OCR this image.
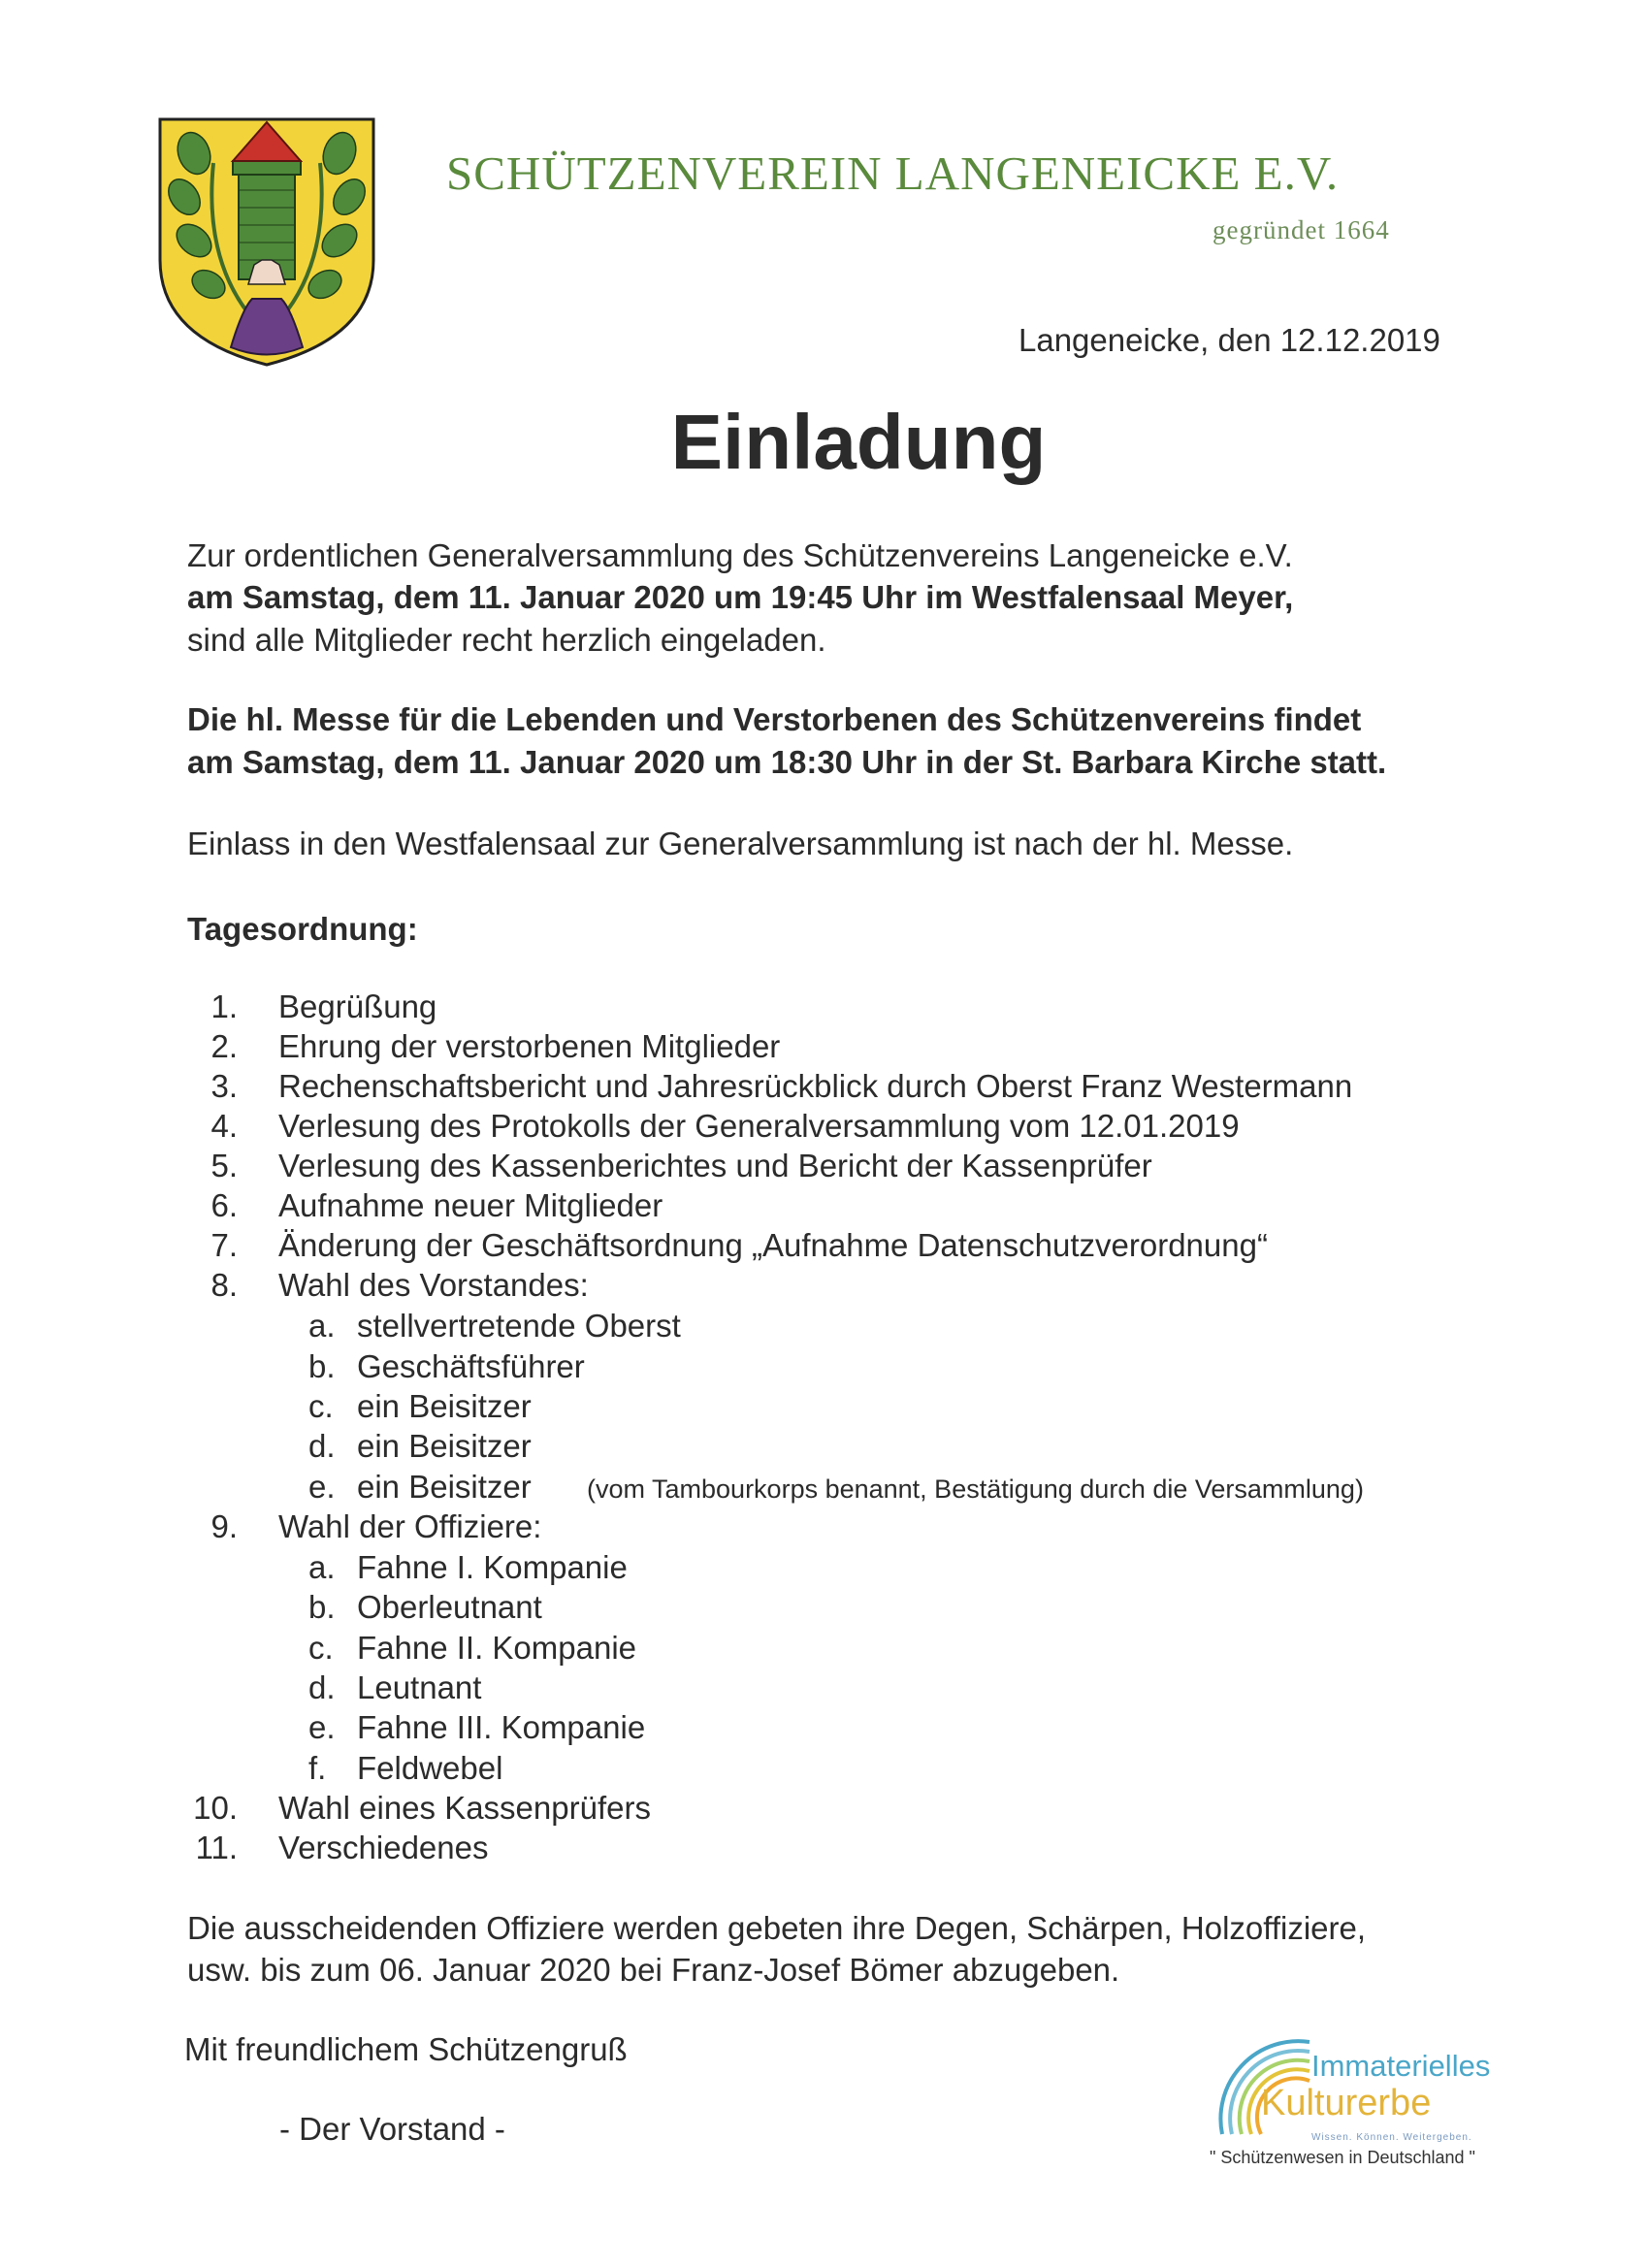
SCHÜTZENVEREIN LANGENEICKE E.V.
gegründet 1664
Langeneicke, den 12.12.2019
Einladung
Zur ordentlichen Generalversammlung des Schützenvereins Langeneicke e.V.
am Samstag, dem 11. Januar 2020 um 19:45 Uhr im Westfalensaal Meyer,
sind alle Mitglieder recht herzlich eingeladen.
Die hl. Messe für die Lebenden und Verstorbenen des Schützenvereins findet
am Samstag, dem 11. Januar 2020 um 18:30 Uhr in der St. Barbara Kirche statt.
Einlass in den Westfalensaal zur Generalversammlung ist nach der hl. Messe.
Tagesordnung:
1. Begrüßung
2. Ehrung der verstorbenen Mitglieder
3. Rechenschaftsbericht und Jahresrückblick durch Oberst Franz Westermann
4. Verlesung des Protokolls der Generalversammlung vom 12.01.2019
5. Verlesung des Kassenberichtes und Bericht der Kassenprüfer
6. Aufnahme neuer Mitglieder
7. Änderung der Geschäftsordnung „Aufnahme Datenschutzverordnung“
8. Wahl des Vorstandes:
a. stellvertretende Oberst
b. Geschäftsführer
c. ein Beisitzer
d. ein Beisitzer
e. ein Beisitzer (vom Tambourkorps benannt, Bestätigung durch die Versammlung)
9. Wahl der Offiziere:
a. Fahne I. Kompanie
b. Oberleutnant
c. Fahne II. Kompanie
d. Leutnant
e. Fahne III. Kompanie
f. Feldwebel
10. Wahl eines Kassenprüfers
11. Verschiedenes
Die ausscheidenden Offiziere werden gebeten ihre Degen, Schärpen, Holzoffiziere,
usw. bis zum 06. Januar 2020 bei Franz-Josef Bömer abzugeben.
Mit freundlichem Schützengruß
- Der Vorstand -
Immaterielles
Kulturerbe
Wissen. Können. Weitergeben.
" Schützenwesen in Deutschland "
